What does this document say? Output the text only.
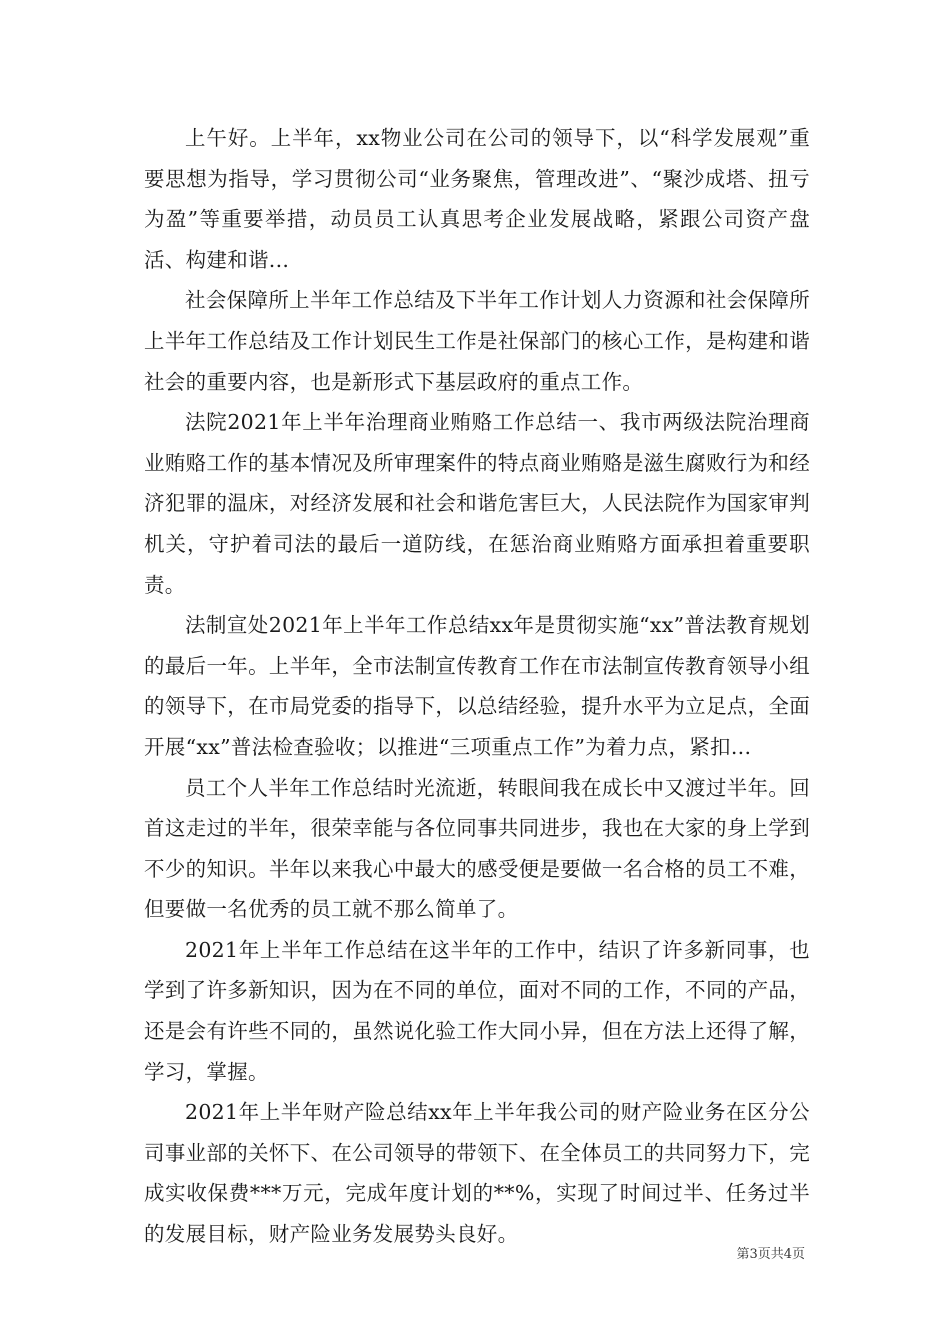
上午好。上半年，xx物业公司在公司的领导下，以“科学发展观”重要思想为指导，学习贯彻公司“业务聚焦，管理改进”、“聚沙成塔、扭亏为盈”等重要举措，动员员工认真思考企业发展战略，紧跟公司资产盘活、构建和谐...

社会保障所上半年工作总结及下半年工作计划人力资源和社会保障所上半年工作总结及工作计划民生工作是社保部门的核心工作，是构建和谐社会的重要内容，也是新形式下基层政府的重点工作。

法院2021年上半年治理商业贿赂工作总结一、我市两级法院治理商业贿赂工作的基本情况及所审理案件的特点商业贿赂是滋生腐败行为和经济犯罪的温床，对经济发展和社会和谐危害巨大，人民法院作为国家审判机关，守护着司法的最后一道防线，在惩治商业贿赂方面承担着重要职责。

法制宣处2021年上半年工作总结xx年是贯彻实施“xx”普法教育规划的最后一年。上半年，全市法制宣传教育工作在市法制宣传教育领导小组的领导下，在市局党委的指导下，以总结经验，提升水平为立足点，全面开展“xx”普法检查验收；以推进“三项重点工作”为着力点，紧扣...

员工个人半年工作总结时光流逝，转眼间我在成长中又渡过半年。回首这走过的半年，很荣幸能与各位同事共同进步，我也在大家的身上学到不少的知识。半年以来我心中最大的感受便是要做一名合格的员工不难，但要做一名优秀的员工就不那么简单了。

2021年上半年工作总结在这半年的工作中，结识了许多新同事，也学到了许多新知识，因为在不同的单位，面对不同的工作，不同的产品，还是会有许些不同的，虽然说化验工作大同小异，但在方法上还得了解，学习，掌握。

2021年上半年财产险总结xx年上半年我公司的财产险业务在区分公司事业部的关怀下、在公司领导的带领下、在全体员工的共同努力下，完成实收保费***万元，完成年度计划的**%，实现了时间过半、任务过半的发展目标，财产险业务发展势头良好。

第3页共4页
